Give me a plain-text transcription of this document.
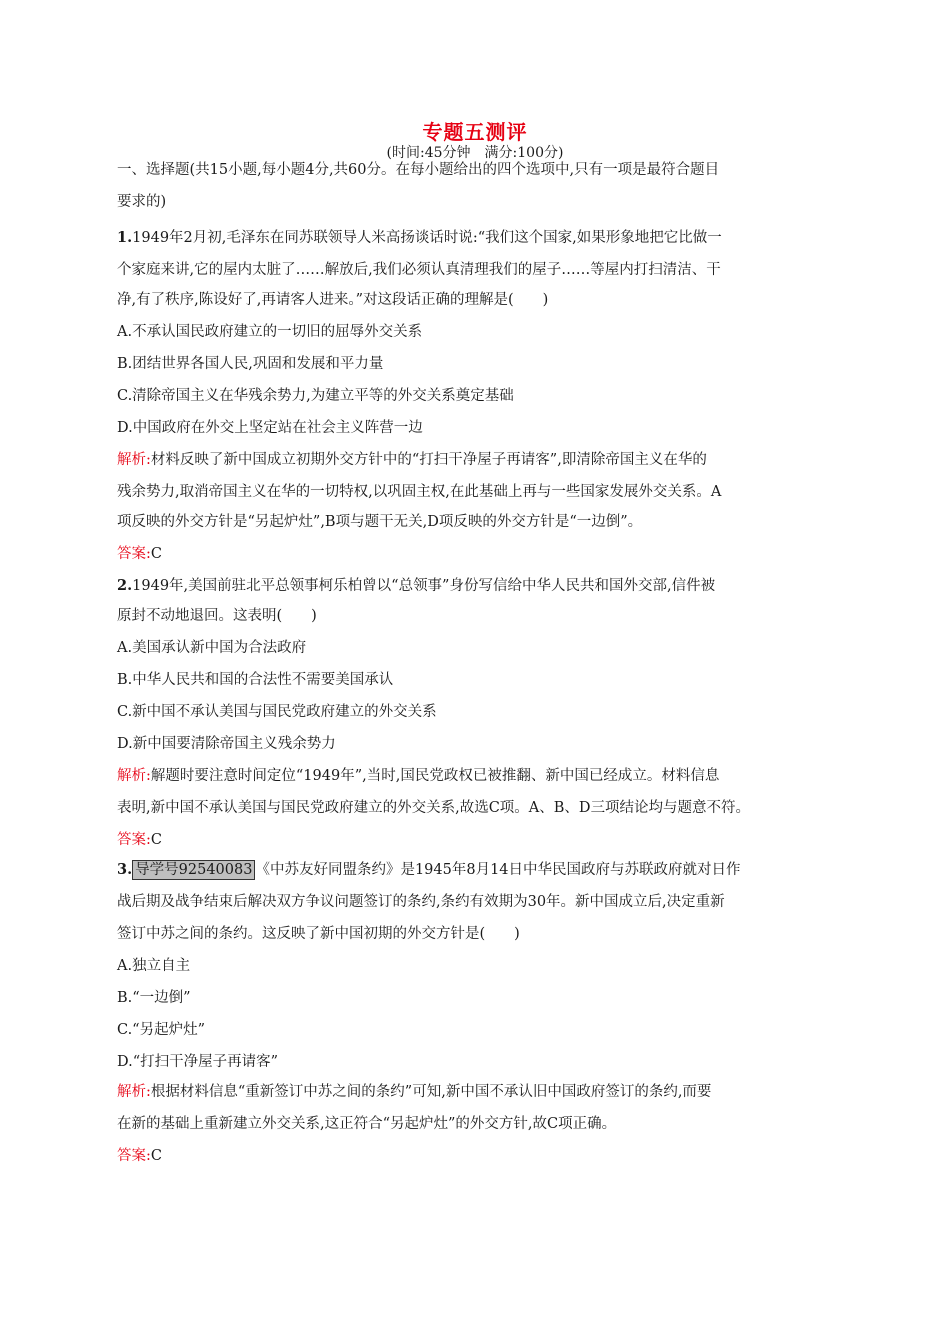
专题五测评
(时间:45分钟　满分:100分)
一、选择题(共15小题,每小题4分,共60分。在每小题给出的四个选项中,只有一项是最符合题目
要求的)
1.1949年2月初,毛泽东在同苏联领导人米高扬谈话时说:“我们这个国家,如果形象地把它比做一
个家庭来讲,它的屋内太脏了……解放后,我们必须认真清理我们的屋子……等屋内打扫清洁、干
净,有了秩序,陈设好了,再请客人进来。”对这段话正确的理解是(　　)
A.不承认国民政府建立的一切旧的屈辱外交关系
B.团结世界各国人民,巩固和发展和平力量
C.清除帝国主义在华残余势力,为建立平等的外交关系奠定基础
D.中国政府在外交上坚定站在社会主义阵营一边
解析:材料反映了新中国成立初期外交方针中的“打扫干净屋子再请客”,即清除帝国主义在华的
残余势力,取消帝国主义在华的一切特权,以巩固主权,在此基础上再与一些国家发展外交关系。A
项反映的外交方针是“另起炉灶”,B项与题干无关,D项反映的外交方针是“一边倒”。
答案:C
2.1949年,美国前驻北平总领事柯乐柏曾以“总领事”身份写信给中华人民共和国外交部,信件被
原封不动地退回。这表明(　　)
A.美国承认新中国为合法政府
B.中华人民共和国的合法性不需要美国承认
C.新中国不承认美国与国民党政府建立的外交关系
D.新中国要清除帝国主义残余势力
解析:解题时要注意时间定位“1949年”,当时,国民党政权已被推翻、新中国已经成立。材料信息
表明,新中国不承认美国与国民党政府建立的外交关系,故选C项。A、B、D三项结论均与题意不符。
答案:C
3. 导学号92540083 《中苏友好同盟条约》是1945年8月14日中华民国政府与苏联政府就对日作
战后期及战争结束后解决双方争议问题签订的条约,条约有效期为30年。新中国成立后,决定重新
签订中苏之间的条约。这反映了新中国初期的外交方针是(　　)
A.独立自主
B.“一边倒”
C.“另起炉灶”
D.“打扫干净屋子再请客”
解析:根据材料信息“重新签订中苏之间的条约”可知,新中国不承认旧中国政府签订的条约,而要
在新的基础上重新建立外交关系,这正符合“另起炉灶”的外交方针,故C项正确。
答案:C
